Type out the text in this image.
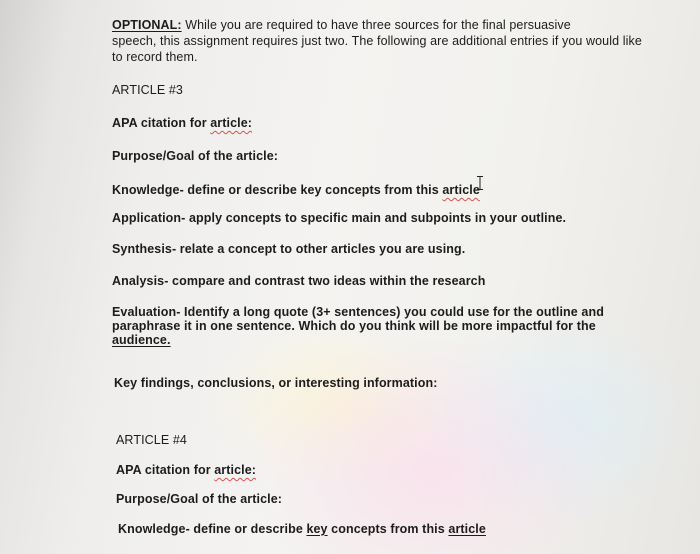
OPTIONAL: While you are required to have three sources for the final persuasive
speech, this assignment requires just two. The following are additional entries if you would like
to record them.
ARTICLE #3
APA citation for article:
Purpose/Goal of the article:
Knowledge- define or describe key concepts from this article
Application- apply concepts to specific main and subpoints in your outline.
Synthesis- relate a concept to other articles you are using.
Analysis- compare and contrast two ideas within the research
Evaluation- Identify a long quote (3+ sentences) you could use for the outline and
paraphrase it in one sentence. Which do you think will be more impactful for the
audience.
Key findings, conclusions, or interesting information:
ARTICLE #4
APA citation for article:
Purpose/Goal of the article:
Knowledge- define or describe key concepts from this article
